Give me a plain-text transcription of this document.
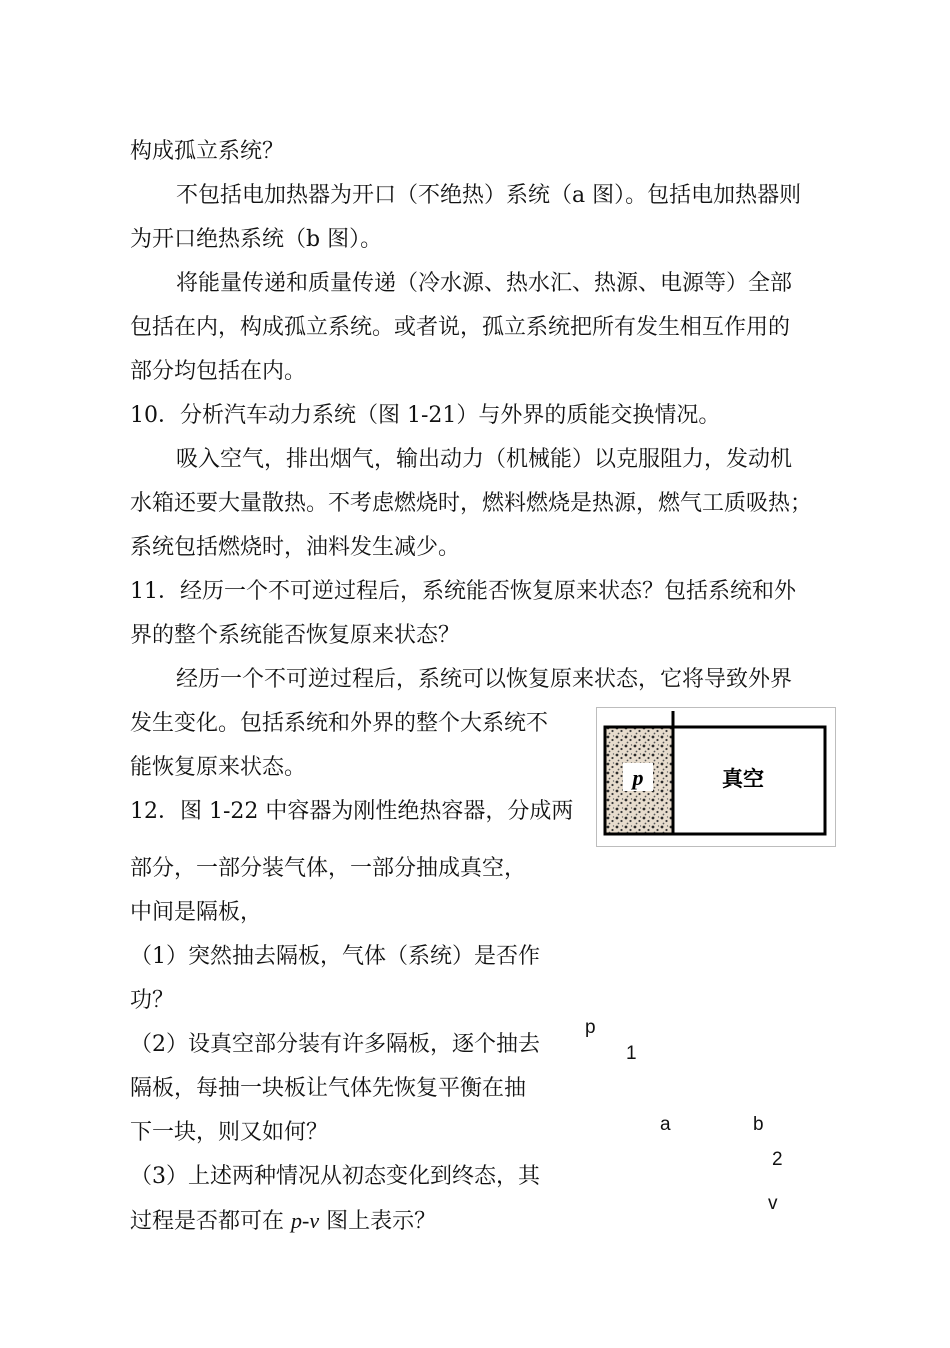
构成孤立系统？

不包括电加热器为开口（不绝热）系统（a 图）。包括电加热器则

为开口绝热系统（b 图）。

将能量传递和质量传递（冷水源、热水汇、热源、电源等）全部

包括在内，构成孤立系统。或者说，孤立系统把所有发生相互作用的

部分均包括在内。

10．分析汽车动力系统（图 1-21）与外界的质能交换情况。

吸入空气，排出烟气，输出动力（机械能）以克服阻力，发动机

水箱还要大量散热。不考虑燃烧时，燃料燃烧是热源，燃气工质吸热；

系统包括燃烧时，油料发生减少。

11．经历一个不可逆过程后，系统能否恢复原来状态？包括系统和外

界的整个系统能否恢复原来状态？

经历一个不可逆过程后，系统可以恢复原来状态，它将导致外界

发生变化。包括系统和外界的整个大系统不

能恢复原来状态。

12．图 1-22 中容器为刚性绝热容器，分成两

部分，一部分装气体，一部分抽成真空，

中间是隔板，

（1）突然抽去隔板，气体（系统）是否作

功？

（2）设真空部分装有许多隔板，逐个抽去

隔板，每抽一块板让气体先恢复平衡在抽

下一块，则又如何？

（3）上述两种情况从初态变化到终态，其

过程是否都可在 p-v 图上表示？

p	真空
p
1
a	b
2
v
